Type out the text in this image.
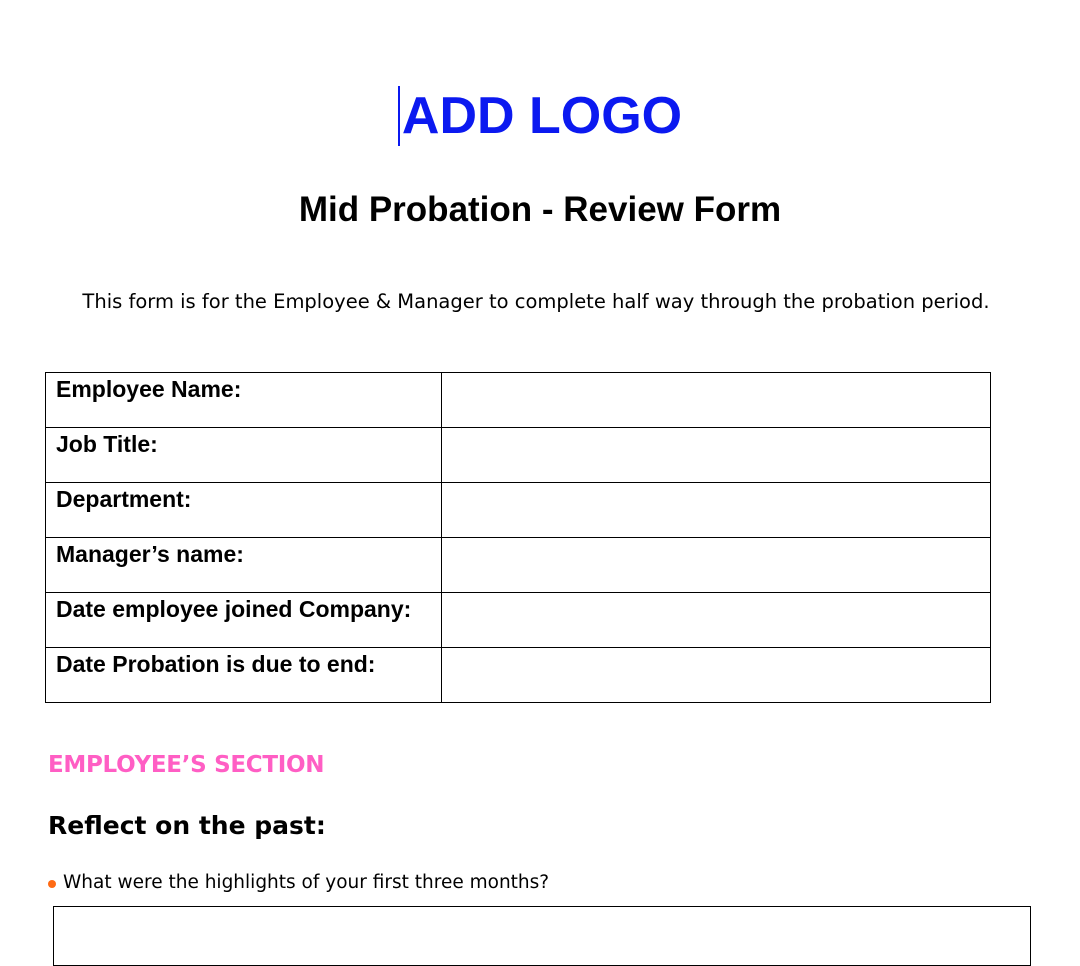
ADD LOGO
Mid Probation - Review Form

This form is for the Employee & Manager to complete half way through the probation period.

Employee Name:	
Job Title:	
Department:	
Manager’s name:	
Date employee joined Company:	
Date Probation is due to end:	
EMPLOYEE’S SECTION
Reflect on the past:

What were the highlights of your first three months?
